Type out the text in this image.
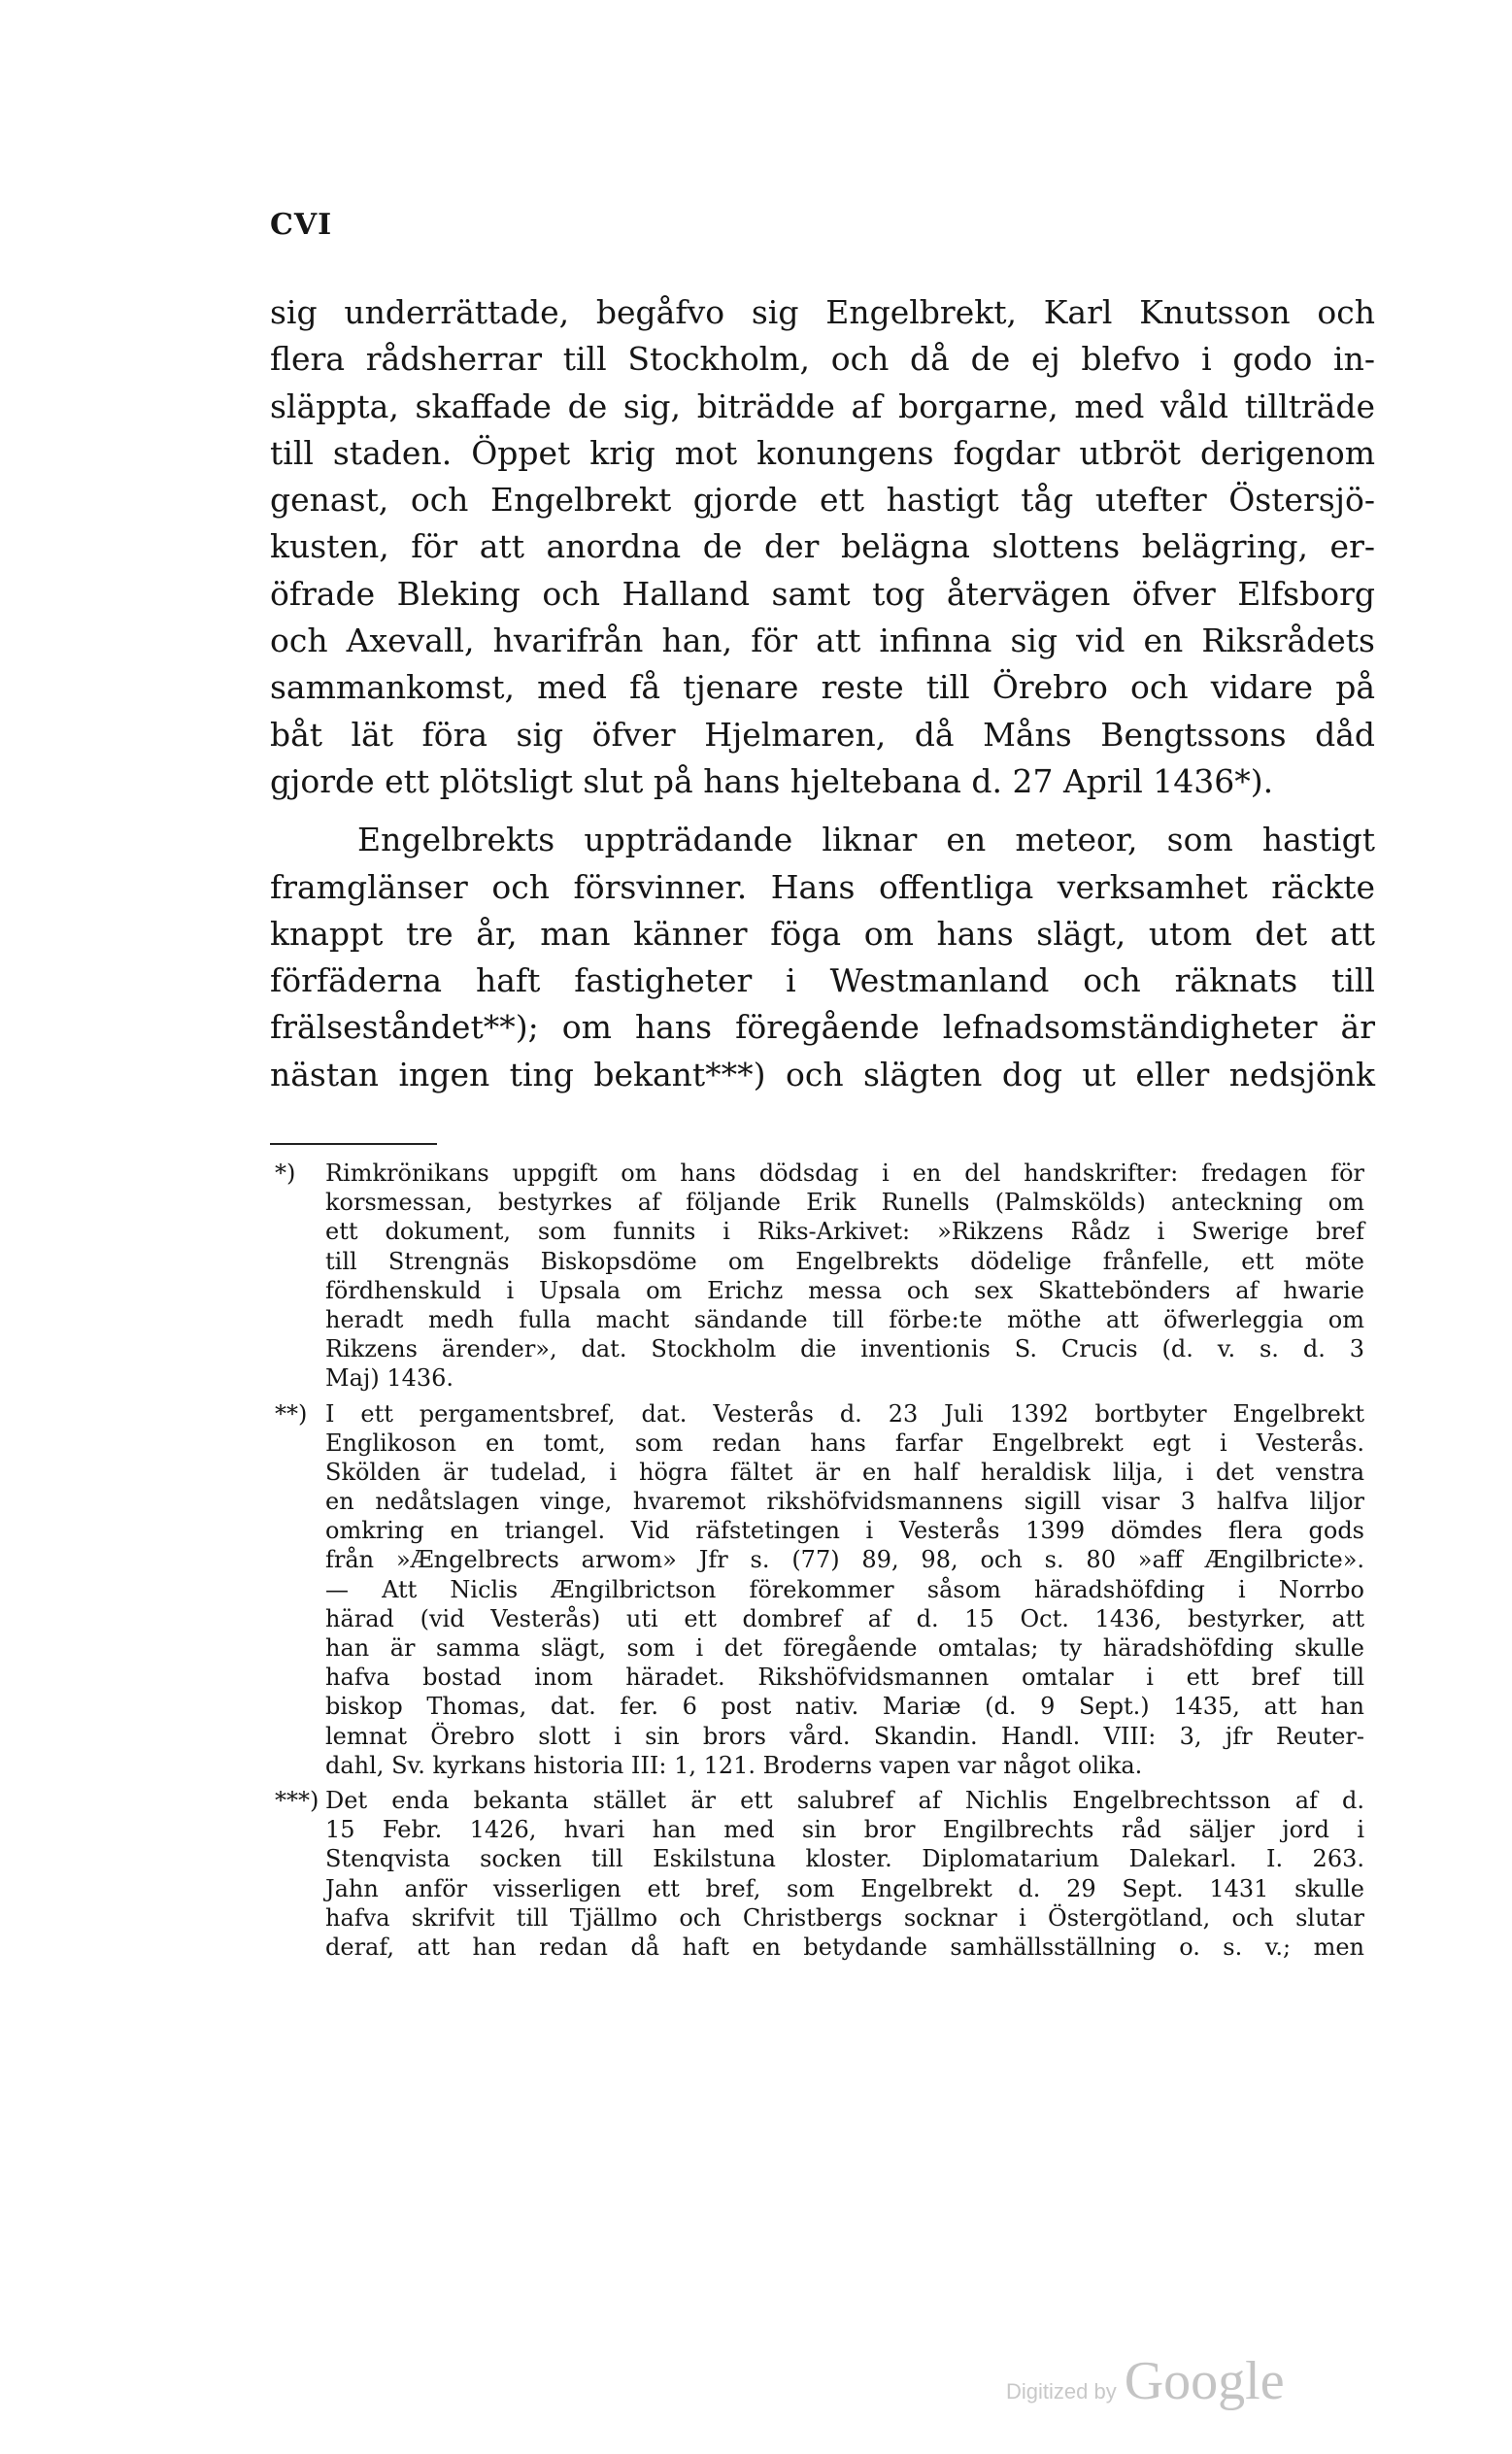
CVI
sig underrättade, begåfvo sig Engelbrekt, Karl Knutsson och
flera rådsherrar till Stockholm, och då de ej blefvo i godo in-
släppta, skaffade de sig, biträdde af borgarne, med våld tillträde
till staden. Öppet krig mot konungens fogdar utbröt derigenom
genast, och Engelbrekt gjorde ett hastigt tåg utefter Östersjö-
kusten, för att anordna de der belägna slottens belägring, er-
öfrade Bleking och Halland samt tog återvägen öfver Elfsborg
och Axevall, hvarifrån han, för att infinna sig vid en Riksrådets
sammankomst, med få tjenare reste till Örebro och vidare på
båt lät föra sig öfver Hjelmaren, då Måns Bengtssons dåd
gjorde ett plötsligt slut på hans hjeltebana d. 27 April 1436*).
Engelbrekts uppträdande liknar en meteor, som hastigt
framglänser och försvinner. Hans offentliga verksamhet räckte
knappt tre år, man känner föga om hans slägt, utom det att
förfäderna haft fastigheter i Westmanland och räknats till
frälseståndet**); om hans föregående lefnadsomständigheter är
nästan ingen ting bekant***) och slägten dog ut eller nedsjönk
*)	Rimkrönikans uppgift om hans dödsdag i en del handskrifter: fredagen för
korsmessan, bestyrkes af följande Erik Runells (Palmskölds) anteckning om
ett dokument, som funnits i Riks-Arkivet: »Rikzens Rådz i Swerige bref
till Strengnäs Biskopsdöme om Engelbrekts dödelige frånfelle, ett möte
fördhenskuld i Upsala om Erichz messa och sex Skattebönders af hwarie
heradt medh fulla macht sändande till förbe:te möthe att öfwerleggia om
Rikzens ärender», dat. Stockholm die inventionis S. Crucis (d. v. s. d. 3
Maj) 1436.
**) I ett pergamentsbref, dat. Vesterås d. 23 Juli 1392 bortbyter Engelbrekt
Englikoson en tomt, som redan hans farfar Engelbrekt egt i Vesterås.
Skölden är tudelad, i högra fältet är en half heraldisk lilja, i det venstra
en nedåtslagen vinge, hvaremot rikshöfvidsmannens sigill visar 3 halfva liljor
omkring en triangel. Vid räfstetingen i Vesterås 1399 dömdes flera gods
från »Ængelbrects arwom» Jfr s. (77) 89, 98, och s. 80 »aff Ængilbricte».
— Att Niclis Ængilbrictson förekommer såsom häradshöfding i Norrbo
härad (vid Vesterås) uti ett dombref af d. 15 Oct. 1436, bestyrker, att
han är samma slägt, som i det föregående omtalas; ty häradshöfding skulle
hafva bostad inom häradet. Rikshöfvidsmannen omtalar i ett bref till
biskop Thomas, dat. fer. 6 post nativ. Mariæ (d. 9 Sept.) 1435, att han
lemnat Örebro slott i sin brors vård. Skandin. Handl. VIII: 3, jfr Reuter-
dahl, Sv. kyrkans historia III: 1, 121. Broderns vapen var något olika.
***) Det enda bekanta stället är ett salubref af Nichlis Engelbrechtsson af d.
15 Febr. 1426, hvari han med sin bror Engilbrechts råd säljer jord i
Stenqvista socken till Eskilstuna kloster. Diplomatarium Dalekarl. I. 263.
Jahn anför visserligen ett bref, som Engelbrekt d. 29 Sept. 1431 skulle
hafva skrifvit till Tjällmo och Christbergs socknar i Östergötland, och slutar
deraf, att han redan då haft en betydande samhällsställning o. s. v.; men
Digitized by Google
